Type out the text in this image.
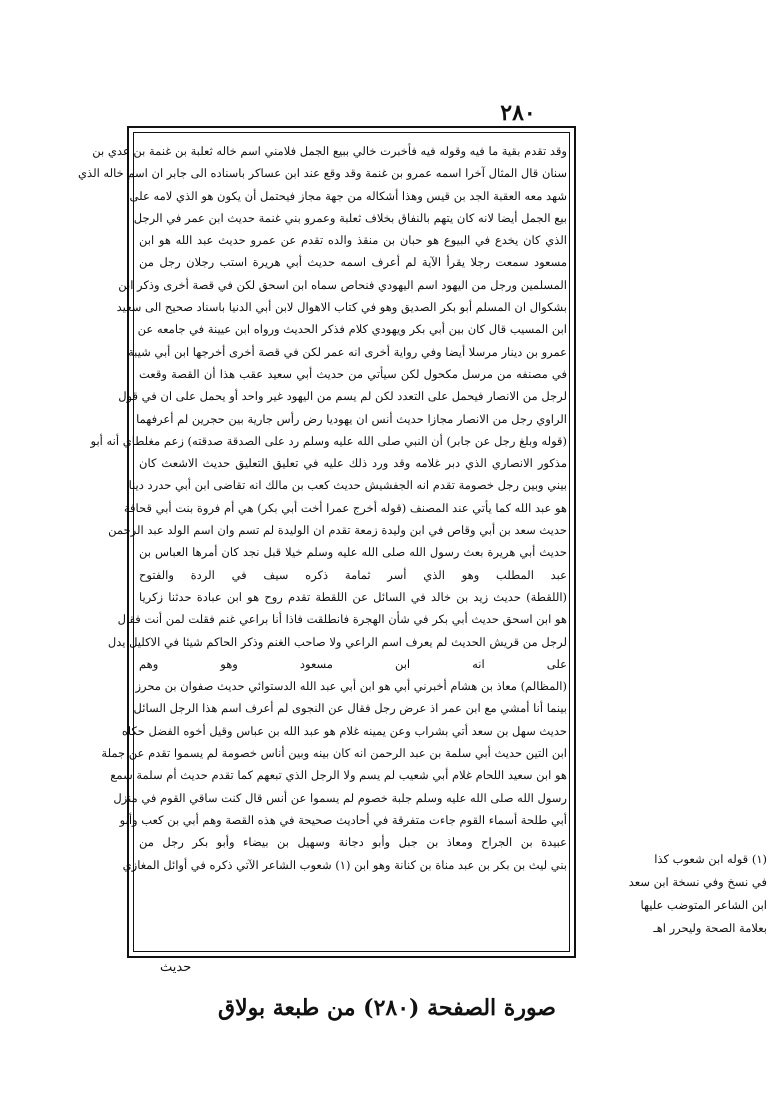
٢٨٠
وقد تقدم بقية ما فيه وقوله فيه فأخبرت خالي ببيع الجمل فلامني اسم خاله ثعلبة بن غنمة بن عدي بن
سنان قال المثال آخرا اسمه عمرو بن غنمة وقد وقع عند ابن عساكر باسناده الى جابر ان اسم خاله الذي
شهد معه العقبة الجد بن قيس وهذا أشكاله من جهة مجاز فيحتمل أن يكون هو الذي لامه على
بيع الجمل أيضا لانه كان يتهم بالنفاق بخلاف ثعلبة وعمرو بني غنمة حديث ابن عمر في الرجل
الذي كان يخدع في البيوع هو حبان بن منقذ والده تقدم عن عمرو حديث عبد الله هو ابن
مسعود سمعت رجلا يقرأ الآية لم أعرف اسمه حديث أبي هريرة استب رجلان رجل من
المسلمين ورجل من اليهود اسم اليهودي فنحاص سماه ابن اسحق لكن في قصة أخرى وذكر ابن
بشكوال ان المسلم أبو بكر الصديق وهو في كتاب الاهوال لابن أبي الدنيا باسناد صحيح الى سعيد
ابن المسيب قال كان بين أبي بكر ويهودي كلام فذكر الحديث ورواه ابن عيينة في جامعه عن
عمرو بن دينار مرسلا أيضا وفي رواية أخرى انه عمر لكن في قصة أخرى أخرجها ابن أبي شيبة
في مصنفه من مرسل مكحول لكن سيأتي من حديث أبي سعيد عقب هذا أن القصة وقعت
لرجل من الانصار فيحمل على التعدد لكن لم يسم من اليهود غير واحد أو يحمل على ان في قول
الراوي رجل من الانصار مجازا حديث أنس ان يهوديا رض رأس جارية بين حجرين لم أعرفهما
(قوله وبلغ رجل عن جابر) أن النبي صلى الله عليه وسلم رد على الصدقة صدقته) زعم مغلطاي أنه أبو
مذكور الانصاري الذي دبر غلامه وقد ورد ذلك عليه في تعليق التعليق حديث الاشعث كان
بيني وبين رجل خصومة تقدم انه الجفشيش حديث كعب بن مالك انه تقاضى ابن أبي حدرد دينا
هو عبد الله كما يأتي عند المصنف (قوله أخرج عمرا أخت أبي بكر) هي أم فروة بنت أبي قحافة
حديث سعد بن أبي وقاص في ابن وليدة زمعة تقدم ان الوليدة لم تسم وان اسم الولد عبد الرحمن
حديث أبي هريرة بعث رسول الله صلى الله عليه وسلم خيلا قبل نجد كان أمرها العباس بن
عبد المطلب وهو الذي أسر ثمامة ذكره سيف في الردة والفتوح
(اللقطة) حديث زيد بن خالد في السائل عن اللقطة تقدم روح هو ابن عبادة حدثنا زكريا
هو ابن اسحق حديث أبي بكر في شأن الهجرة فانطلقت فاذا أنا براعي غنم فقلت لمن أنت فقال
لرجل من قريش الحديث لم يعرف اسم الراعي ولا صاحب الغنم وذكر الحاكم شيئا في الاكليل يدل
على انه ابن مسعود وهو وهم
(المظالم) معاذ بن هشام أخبرني أبي هو ابن أبي عبد الله الدستوائي حديث صفوان بن محرز
بينما أنا أمشي مع ابن عمر اذ عرض رجل فقال عن النجوى لم أعرف اسم هذا الرجل السائل
حديث سهل بن سعد أتي بشراب وعن يمينه غلام هو عبد الله بن عباس وقيل أخوه الفضل حكاه
ابن التين حديث أبي سلمة بن عبد الرحمن انه كان بينه وبين أناس خصومة لم يسموا تقدم عن جملة
هو ابن سعيد اللحام غلام أبي شعيب لم يسم ولا الرجل الذي تبعهم كما تقدم حديث أم سلمة سمع
رسول الله صلى الله عليه وسلم جلبة خصوم لم يسموا عن أنس قال كنت ساقي القوم في منزل
أبي طلحة أسماء القوم جاءت متفرقة في أحاديث صحيحة في هذه القصة وهم أبي بن كعب وأبو
عبيدة بن الجراح ومعاذ بن جبل وأبو دجانة وسهيل بن بيضاء وأبو بكر رجل من
بني ليث بن بكر بن عبد مناة بن كنانة وهو ابن (١) شعوب الشاعر الآتي ذكره في أوائل المغازي	(١) قوله ابن شعوب كذا
في نسخ وفي نسخة ابن سعد
ابن الشاعر المتوضب عليها
بعلامة الصحة وليحرر اهـ
حديث
صورة الصفحة (٢٨٠) من طبعة بولاق
